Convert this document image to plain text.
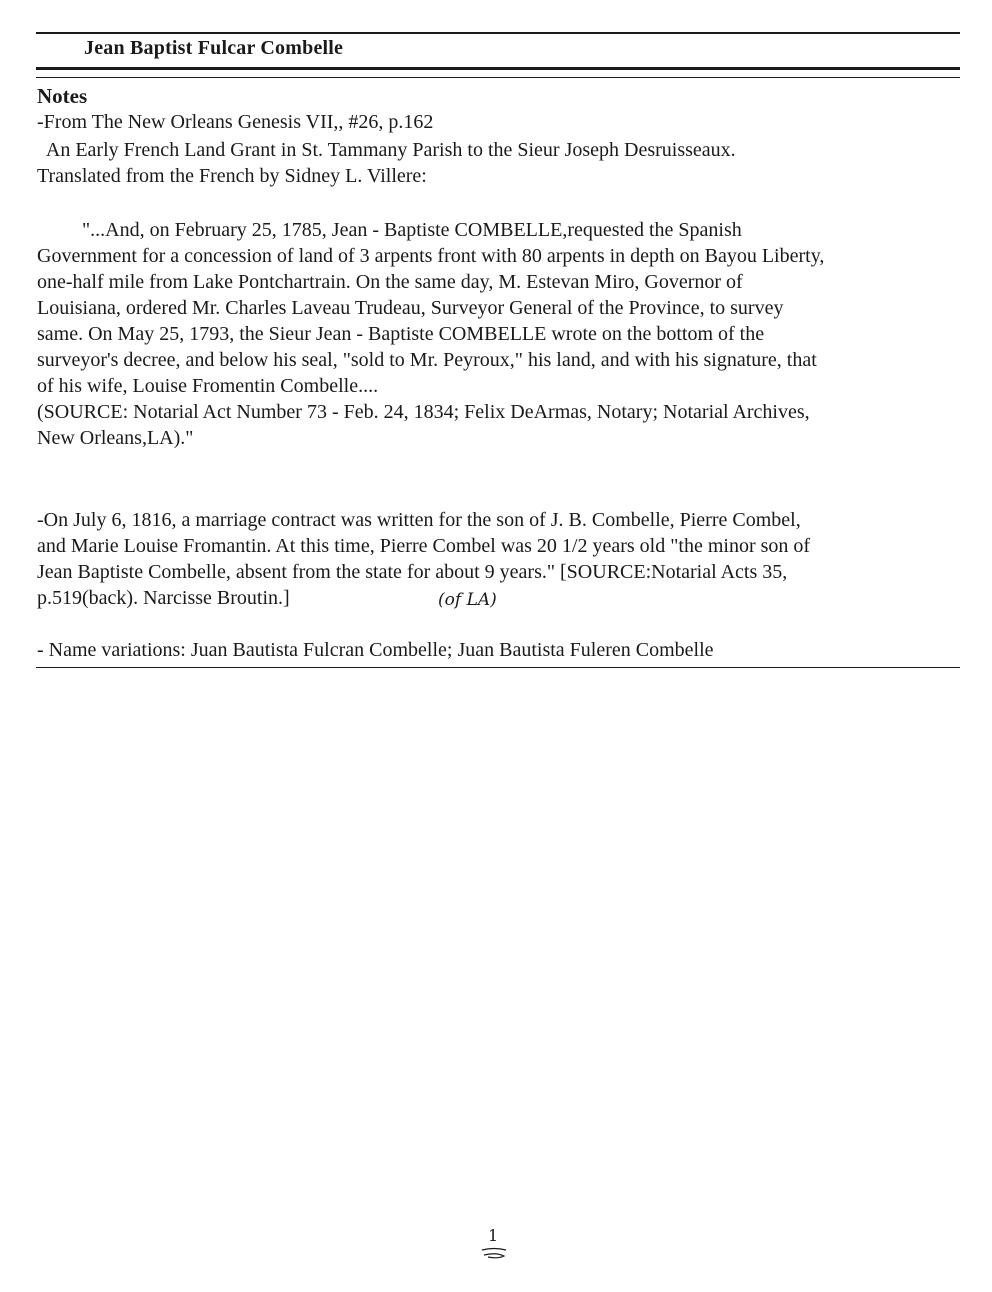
Jean Baptist Fulcar Combelle
Notes
-From The New Orleans Genesis VII,, #26, p.162
An Early French Land Grant in St. Tammany Parish to the Sieur Joseph Desruisseaux.
Translated from the French by Sidney L. Villere:
"...And, on February 25, 1785, Jean - Baptiste COMBELLE,requested the Spanish
Government for a concession of land of 3 arpents front with 80 arpents in depth on Bayou Liberty,
one-half mile from Lake Pontchartrain. On the same day, M. Estevan Miro, Governor of
Louisiana, ordered Mr. Charles Laveau Trudeau, Surveyor General of the Province, to survey
same. On May 25, 1793, the Sieur Jean - Baptiste COMBELLE wrote on the bottom of the
surveyor's decree, and below his seal, "sold to Mr. Peyroux," his land, and with his signature, that
of his wife, Louise Fromentin Combelle....
(SOURCE: Notarial Act Number 73 - Feb. 24, 1834; Felix DeArmas, Notary; Notarial Archives,
New Orleans,LA)."
-On July 6, 1816, a marriage contract was written for the son of J. B. Combelle, Pierre Combel,
and Marie Louise Fromantin. At this time, Pierre Combel was 20 1/2 years old "the minor son of
Jean Baptiste Combelle, absent from the state for about 9 years." [SOURCE:Notarial Acts 35,
p.519(back). Narcisse Broutin.]	(of LA)
- Name variations: Juan Bautista Fulcran Combelle; Juan Bautista Fuleren Combelle
1
